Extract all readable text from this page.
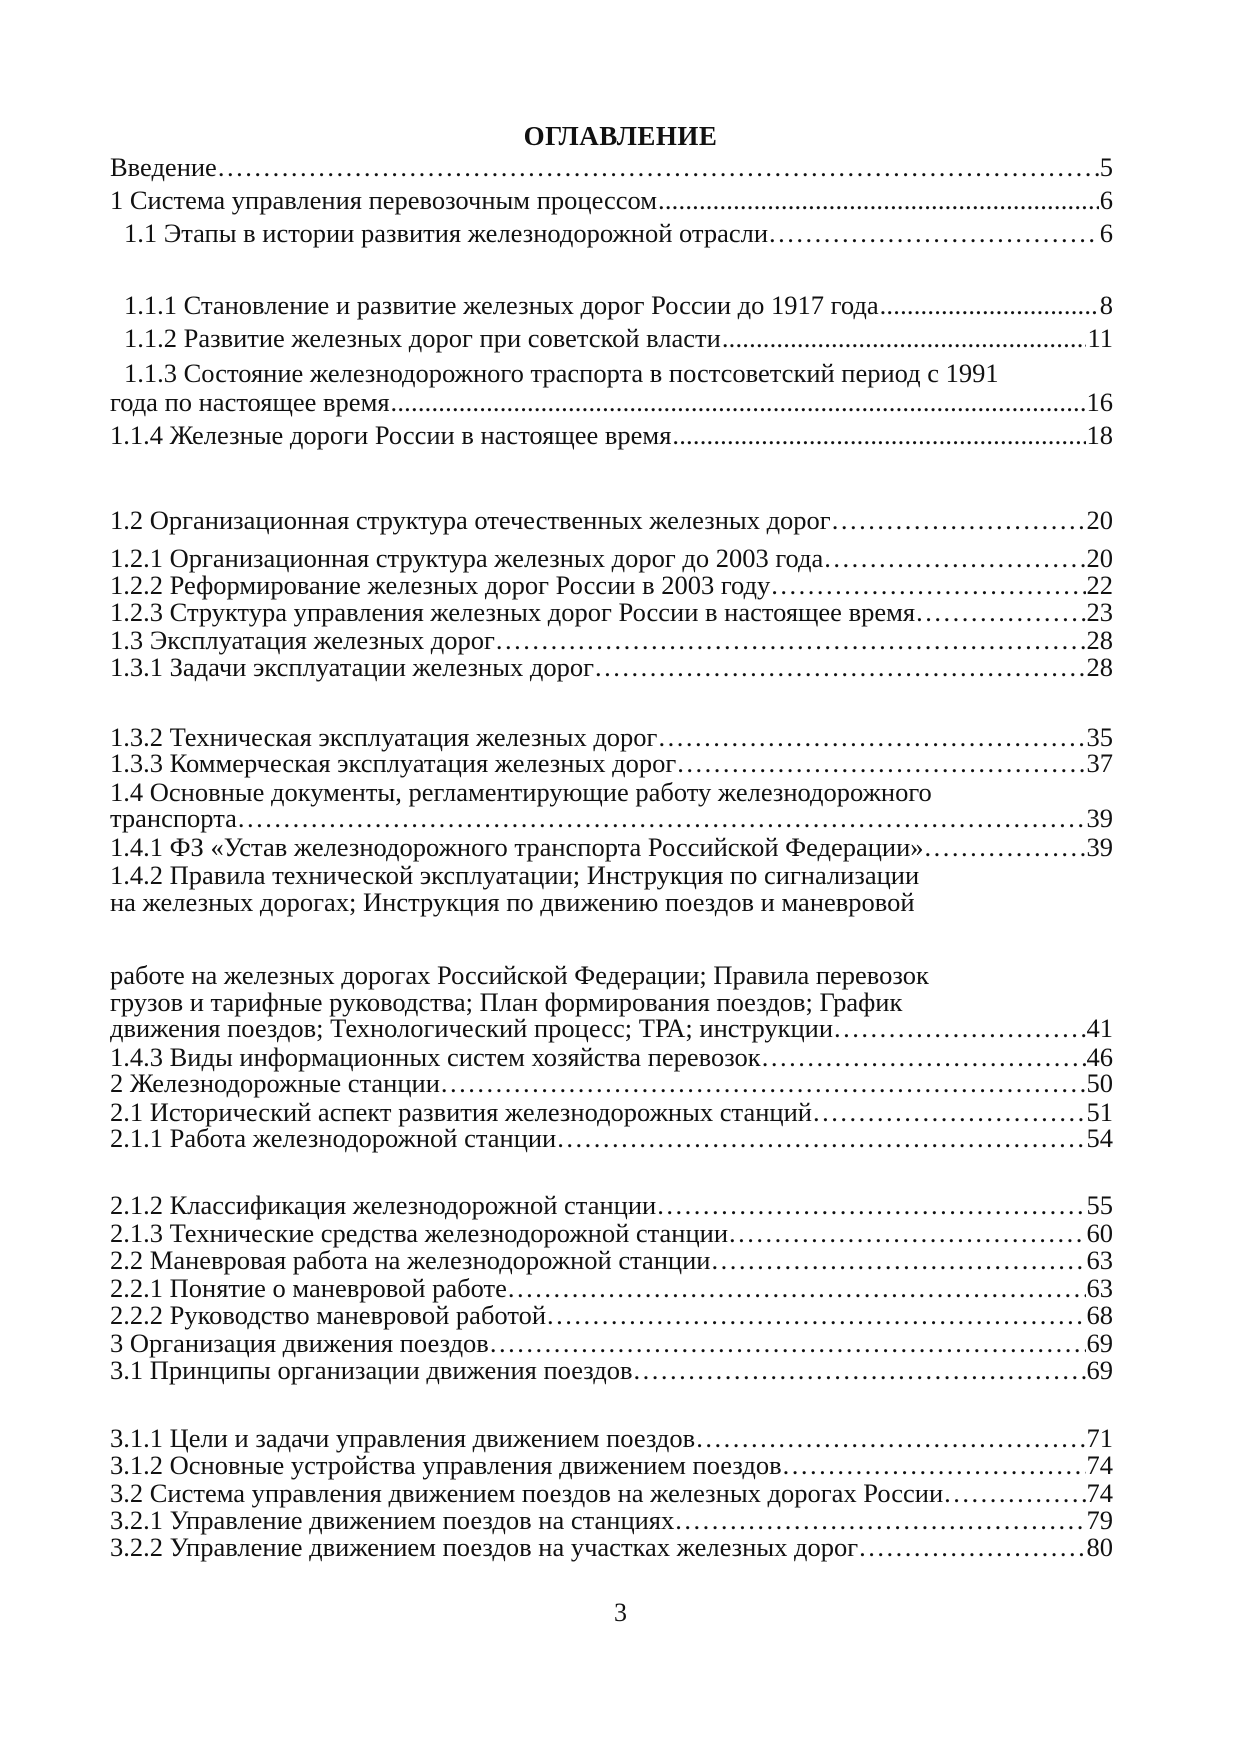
ОГЛАВЛЕНИЕ
Введение .....	5
1 Система управления перевозочным процессом .....	6
1.1 Этапы в истории развития железнодорожной отрасли .....	6
1.1.1 Становление и развитие железных дорог России до 1917 года .....	8
1.1.2 Развитие железных дорог при советской власти .....	11
1.1.3 Состояние железнодорожного траспорта в постсоветский период с 1991
года по настоящее время .....	16
1.1.4 Железные дороги России в настоящее время .....	18
1.2 Организационная структура отечественных железных дорог .....	20
1.2.1 Организационная структура железных дорог до 2003 года .....	20
1.2.2 Реформирование железных дорог России в 2003 году .....	22
1.2.3 Структура управления железных дорог России в настоящее время .....	23
1.3 Эксплуатация железных дорог .....	28
1.3.1 Задачи эксплуатации железных дорог .....	28
1.3.2 Техническая эксплуатация железных дорог .....	35
1.3.3 Коммерческая эксплуатация железных дорог .....	37
1.4 Основные документы, регламентирующие работу железнодорожного
транспорта .....	39
1.4.1 ФЗ «Устав железнодорожного транспорта Российской Федерации» .....	39
1.4.2 Правила технической эксплуатации; Инструкция по сигнализации
на железных дорогах; Инструкция по движению поездов и маневровой
работе на железных дорогах Российской Федерации; Правила перевозок
грузов и тарифные руководства; План формирования поездов; График
движения поездов; Технологический процесс; ТРА; инструкции .....	41
1.4.3 Виды информационных систем хозяйства перевозок .....	46
2 Железнодорожные станции .....	50
2.1 Исторический аспект развития железнодорожных станций .....	51
2.1.1 Работа железнодорожной станции .....	54
2.1.2 Классификация железнодорожной станции .....	55
2.1.3 Технические средства железнодорожной станции .....	60
2.2 Маневровая работа на железнодорожной станции .....	63
2.2.1 Понятие о маневровой работе .....	63
2.2.2 Руководство маневровой работой .....	68
3 Организация движения поездов .....	69
3.1 Принципы организации движения поездов .....	69
3.1.1 Цели и задачи управления движением поездов .....	71
3.1.2 Основные устройства управления движением поездов .....	74
3.2 Система управления движением поездов на железных дорогах России .....	74
3.2.1 Управление движением поездов на станциях .....	79
3.2.2 Управление движением поездов на участках железных дорог .....	80
3
